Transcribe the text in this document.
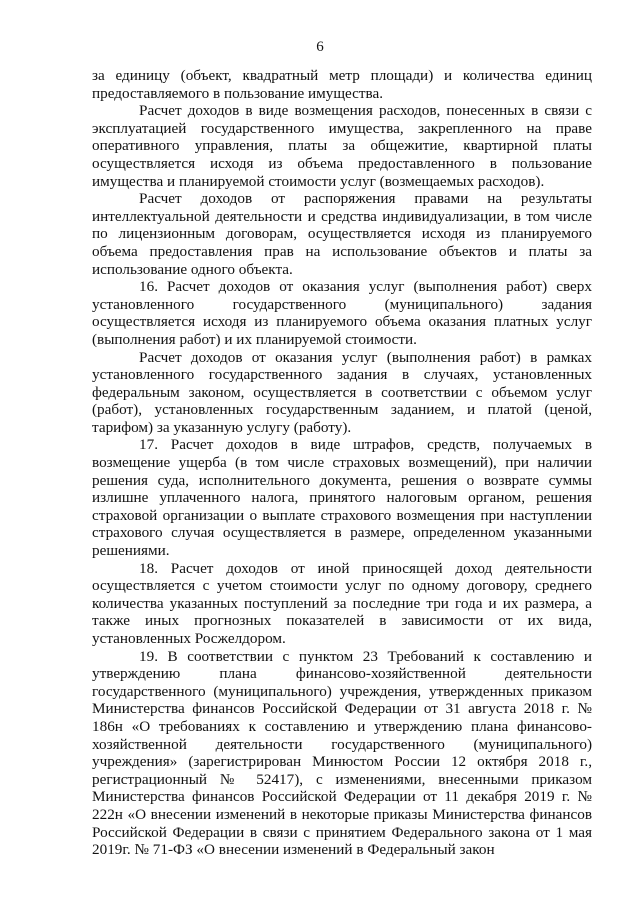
6

за единицу (объект, квадратный метр площади) и количества единиц предоставляемого в пользование имущества.

Расчет доходов в виде возмещения расходов, понесенных в связи с эксплуатацией государственного имущества, закрепленного на праве оперативного управления, платы за общежитие, квартирной платы осуществляется исходя из объема предоставленного в пользование имущества и планируемой стоимости услуг (возмещаемых расходов).

Расчет доходов от распоряжения правами на результаты интеллектуальной деятельности и средства индивидуализации, в том числе по лицензионным договорам, осуществляется исходя из планируемого объема предоставления прав на использование объектов и платы за использование одного объекта.

16. Расчет доходов от оказания услуг (выполнения работ) сверх установленного государственного (муниципального) задания осуществляется исходя из планируемого объема оказания платных услуг (выполнения работ) и их планируемой стоимости.

Расчет доходов от оказания услуг (выполнения работ) в рамках установленного государственного задания в случаях, установленных федеральным законом, осуществляется в соответствии с объемом услуг (работ), установленных государственным заданием, и платой (ценой, тарифом) за указанную услугу (работу).

17. Расчет доходов в виде штрафов, средств, получаемых в возмещение ущерба (в том числе страховых возмещений), при наличии решения суда, исполнительного документа, решения о возврате суммы излишне уплаченного налога, принятого налоговым органом, решения страховой организации о выплате страхового возмещения при наступлении страхового случая осуществляется в размере, определенном указанными решениями.

18. Расчет доходов от иной приносящей доход деятельности осуществляется с учетом стоимости услуг по одному договору, среднего количества указанных поступлений за последние три года и их размера, а также иных прогнозных показателей в зависимости от их вида, установленных Росжелдором.

19. В соответствии с пунктом 23 Требований к составлению и утверждению плана финансово-хозяйственной деятельности государственного (муниципального) учреждения, утвержденных приказом Министерства финансов Российской Федерации от 31 августа 2018 г. № 186н «О требованиях к составлению и утверждению плана финансово-хозяйственной деятельности государственного (муниципального) учреждения» (зарегистрирован Минюстом России 12 октября 2018 г., регистрационный № 52417), с изменениями, внесенными приказом Министерства финансов Российской Федерации от 11 декабря 2019 г. № 222н «О внесении изменений в некоторые приказы Министерства финансов Российской Федерации в связи с принятием Федерального закона от 1 мая 2019г. № 71-ФЗ «О внесении изменений в Федеральный закон
